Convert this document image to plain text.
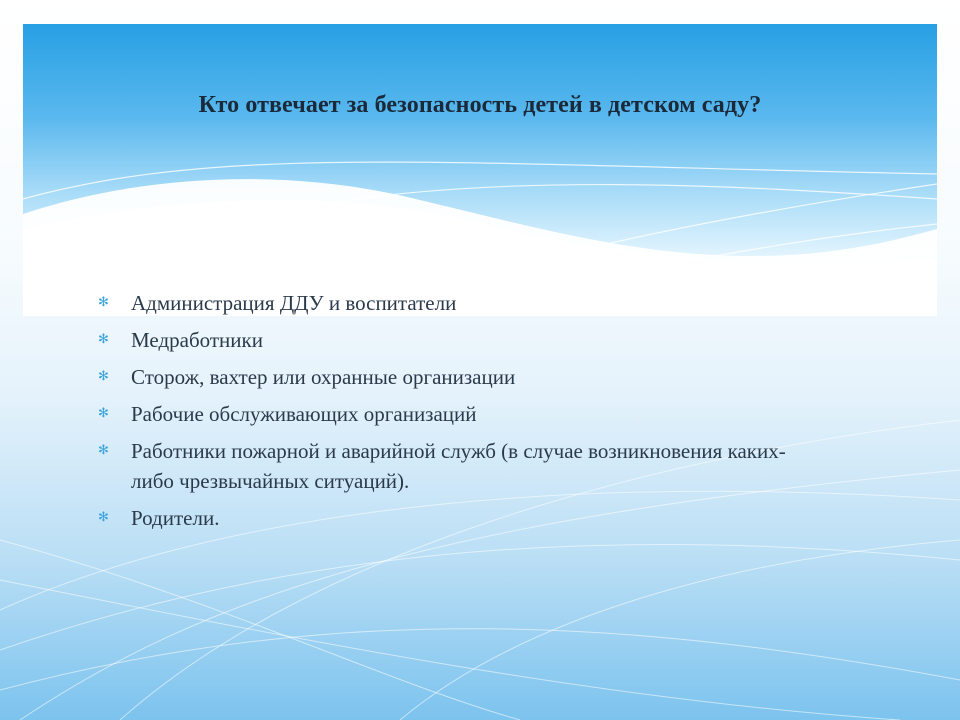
Кто отвечает за безопасность детей в детском саду?
✻ Администрация ДДУ и воспитатели
✻ Медработники
✻ Сторож, вахтер или охранные организации
✻ Рабочие обслуживающих организаций
✻ Работники пожарной и аварийной служб (в случае возникновения каких-либо чрезвычайных ситуаций).
✻ Родители.
